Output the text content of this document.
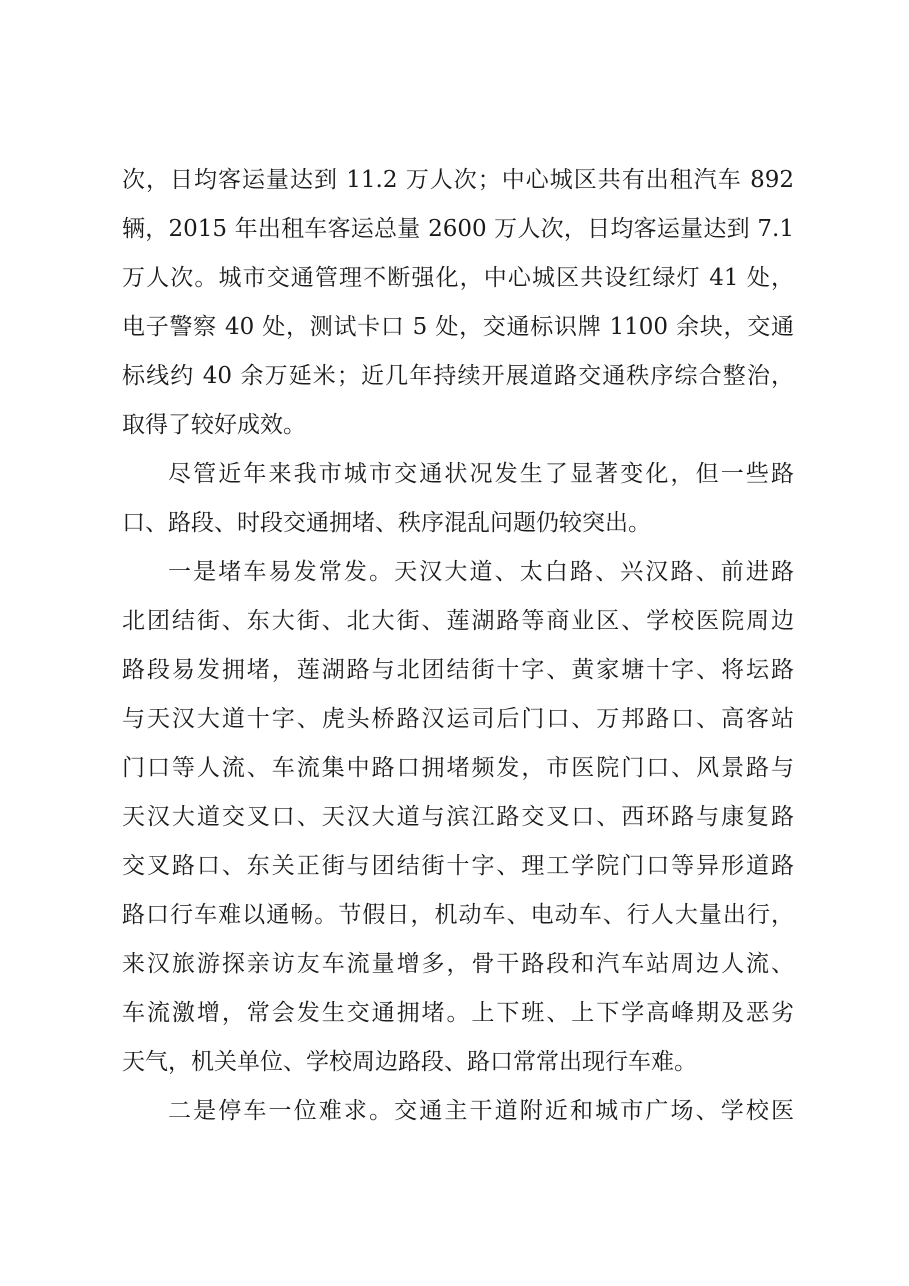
次，日均客运量达到 11.2 万人次；中心城区共有出租汽车 892
辆，2015 年出租车客运总量 2600 万人次，日均客运量达到 7.1
万人次。城市交通管理不断强化，中心城区共设红绿灯 41 处，
电子警察 40 处，测试卡口 5 处，交通标识牌 1100 余块，交通
标线约 40 余万延米；近几年持续开展道路交通秩序综合整治，
取得了较好成效。
尽管近年来我市城市交通状况发生了显著变化，但一些路
口、路段、时段交通拥堵、秩序混乱问题仍较突出。
一是堵车易发常发。天汉大道、太白路、兴汉路、前进路
北团结街、东大街、北大街、莲湖路等商业区、学校医院周边
路段易发拥堵，莲湖路与北团结街十字、黄家塘十字、将坛路
与天汉大道十字、虎头桥路汉运司后门口、万邦路口、高客站
门口等人流、车流集中路口拥堵频发，市医院门口、风景路与
天汉大道交叉口、天汉大道与滨江路交叉口、西环路与康复路
交叉路口、东关正街与团结街十字、理工学院门口等异形道路
路口行车难以通畅。节假日，机动车、电动车、行人大量出行，
来汉旅游探亲访友车流量增多，骨干路段和汽车站周边人流、
车流激增，常会发生交通拥堵。上下班、上下学高峰期及恶劣
天气，机关单位、学校周边路段、路口常常出现行车难。
二是停车一位难求。交通主干道附近和城市广场、学校医
